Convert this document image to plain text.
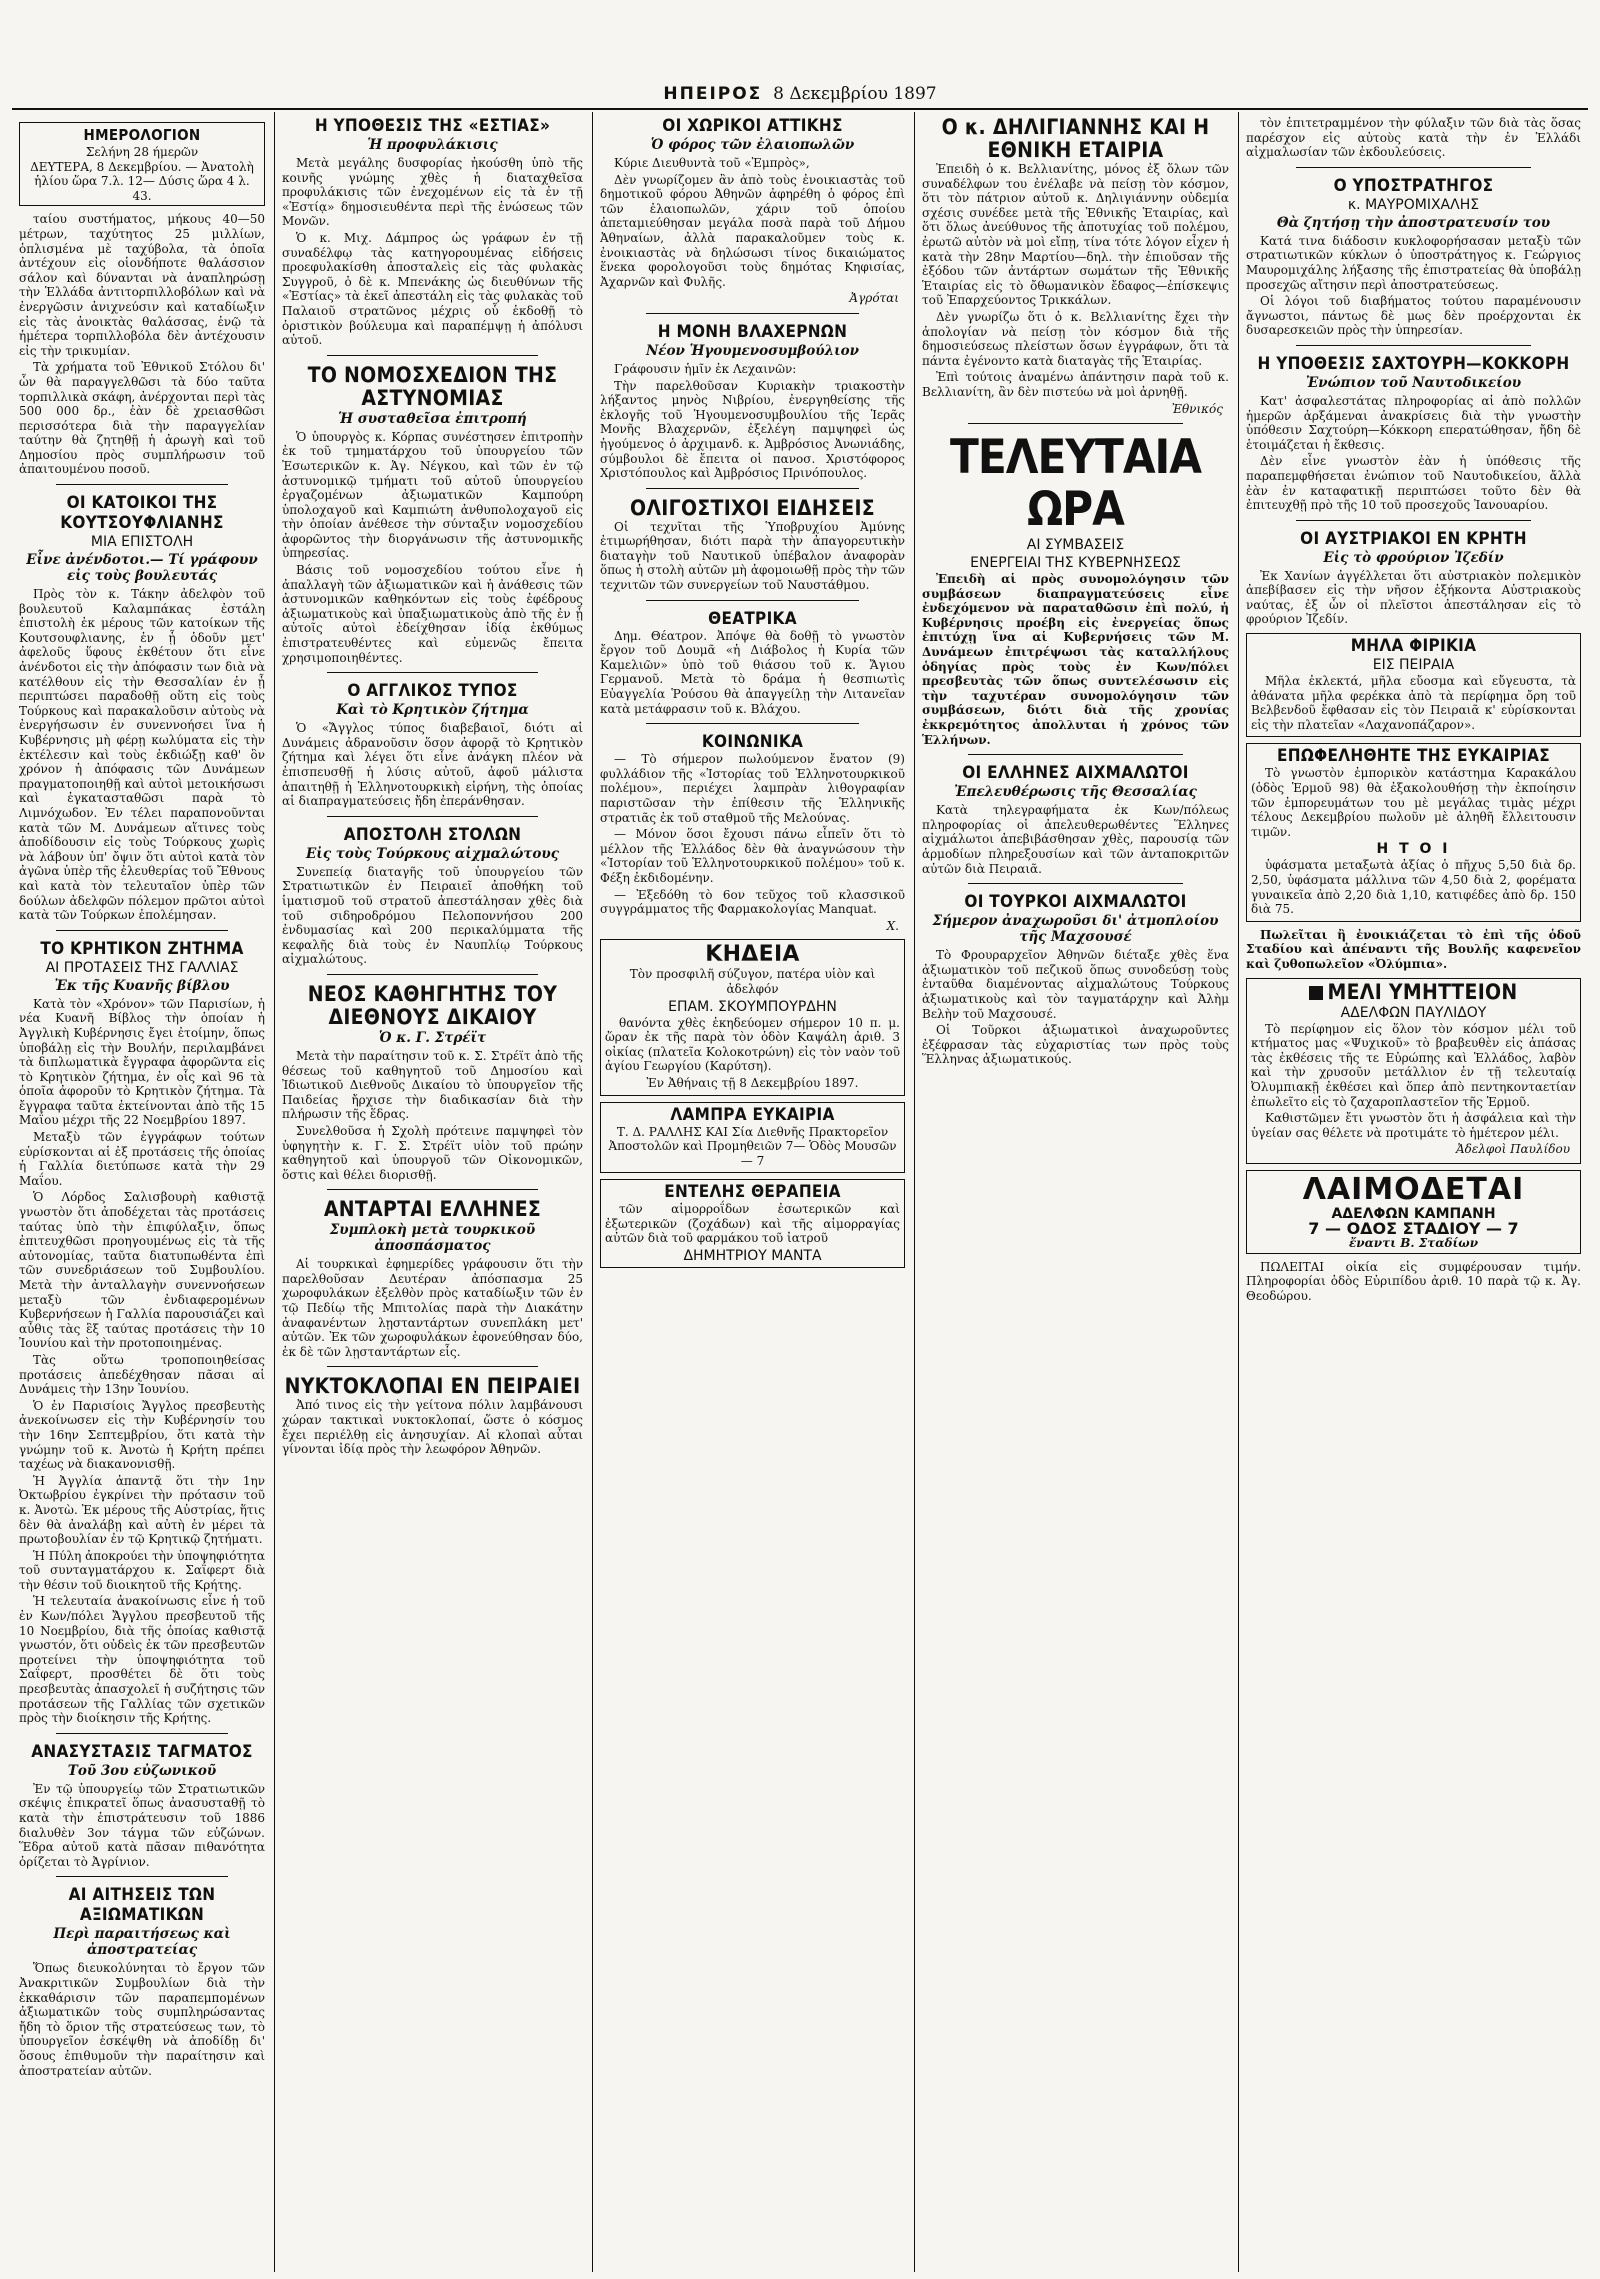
ΗΠΕΙΡΟΣ 8 Δεκεμβρίου 1897
ΗΜΕΡΟΛΟΓΙΟΝ
Σελήνη 28 ήμερῶν
ΔΕΥΤΕΡΑ, 8 Δεκεμβρίου. — Ἀνατολὴ ἡλίου ὥρα 7.λ. 12— Δύσις ὥρα 4 λ. 43.

ταίου συστήματος, μήκους 40—50 μέτρων, ταχύτητος 25 μιλλίων, ὁπλισμένα μὲ ταχύβολα, τὰ ὁποῖα ἀντέχουν εἰς οἱονδήποτε θαλάσσιον σάλον καὶ δύνανται νὰ ἀναπληρώσῃ τὴν Ἑλλάδα ἀντιτορπιλλοβόλων καὶ νὰ ἐνεργῶσιν ἀνιχνεύσιν καὶ καταδίωξιν εἰς τὰς ἀνοικτὰς θαλάσσας, ἐνῷ τὰ ἡμέτερα τορπιλλοβόλα δὲν ἀντέχουσιν εἰς τὴν τρικυμίαν.

Τὰ χρήματα τοῦ Ἐθνικοῦ Στόλου δι' ὧν θὰ παραγγελθῶσι τὰ δύο ταῦτα τορπιλλικὰ σκάφη, ἀνέρχονται περὶ τὰς 500 000 δρ., ἐὰν δὲ χρειασθῶσι περισσότερα διὰ τὴν παραγγελίαν ταύτην θὰ ζητηθῇ ἡ ἀρωγὴ καὶ τοῦ Δημοσίου πρὸς συμπλήρωσιν τοῦ ἀπαιτουμένου ποσοῦ.

ΟΙ ΚΑΤΟΙΚΟΙ ΤΗΣ ΚΟΥΤΣΟΥΦΛΙΑΝΗΣ
ΜΙΑ ΕΠΙΣΤΟΛΗ
Εἶνε ἀνένδοτοι.— Τί γράφουν εἰς τοὺς βουλευτάς

Πρὸς τὸν κ. Τάκην ἀδελφὸν τοῦ βουλευτοῦ Καλαμπάκας ἐστάλη ἐπιστολὴ ἐκ μέρους τῶν κατοίκων τῆς Κουτσουφλιανης, ἐν ᾗ ὁδοῦν μετ' ἀφελοῦς ὕφους ἐκθέτουν ὅτι εἶνε ἀνένδοτοι εἰς τὴν ἀπόφασιν των διὰ νὰ κατέλθουν εἰς τὴν Θεσσαλίαν ἐν ᾗ περιπτώσει παραδοθῇ οὕτη εἰς τοὺς Τούρκους καὶ παρακαλοῦσιν αὐτοὺς νὰ ἐνεργήσωσιν ἐν συνεννοήσει ἵνα ἡ Κυβέρνησις μὴ φέρῃ κωλύματα εἰς τὴν ἐκτέλεσιν καὶ τοὺς ἐκδιώξῃ καθ' ὃν χρόνον ἡ ἀπόφασις τῶν Δυνάμεων πραγματοποιηθῇ καὶ αὐτοὶ μετοικήσωσι καὶ ἐγκατασταθῶσι παρὰ τὸ Λιμνόχωδον. Ἐν τέλει παραπονοῦνται κατὰ τῶν Μ. Δυνάμεων αἵτινες τοὺς ἀποδίδουσιν εἰς τοὺς Τούρκους χωρὶς νὰ λάβουν ὑπ' ὄψιν ὅτι αὐτοὶ κατὰ τὸν ἀγῶνα ὑπὲρ τῆς ἐλευθερίας τοῦ Ἔθνους καὶ κατὰ τὸν τελευταῖον ὑπὲρ τῶν δούλων ἀδελφῶν πόλεμον πρῶτοι αὐτοὶ κατὰ τῶν Τούρκων ἐπολέμησαν.

ΤΟ ΚΡΗΤΙΚΟΝ ΖΗΤΗΜΑ
ΑΙ ΠΡΟΤΑΣΕΙΣ ΤΗΣ ΓΑΛΛΙΑΣ
Ἐκ τῆς Κυανῆς βίβλου

Κατὰ τὸν «Χρόνον» τῶν Παρισίων, ἡ νέα Κυανῆ Βίβλος τὴν ὁποίαν ἡ Ἀγγλικὴ Κυβέρνησις ἔγει ἐτοίμην, ὅπως ὑποβάλῃ εἰς τὴν Βουλήν, περιλαμβάνει τὰ διπλωματικὰ ἔγγραφα ἀφορῶντα εἰς τὸ Κρητικὸν ζήτημα, ἐν οἷς καὶ 96 τὰ ὁποῖα ἀφοροῦν τὸ Κρητικὸν ζήτημα. Τὰ ἔγγραφα ταῦτα ἐκτείνονται ἀπὸ τῆς 15 Μαΐου μέχρι τῆς 22 Νοεμβρίου 1897.

Μεταξὺ τῶν ἐγγράφων τούτων εὑρίσκονται αἱ ἐξ προτάσεις τῆς ὁποίας ἡ Γαλλία διετύπωσε κατὰ τὴν 29 Μαΐου.

Ὁ Λόρδος Σαλισβουρὴ καθιστᾷ γνωστὸν ὅτι ἀποδέχεται τὰς προτάσεις ταύτας ὑπὸ τὴν ἐπιφύλαξιν, ὅπως ἐπιτευχθῶσι προηγουμένως εἰς τὰ τῆς αὐτονομίας, ταῦτα διατυπωθέντα ἐπὶ τῶν συνεδριάσεων τοῦ Συμβουλίου. Μετὰ τὴν ἀνταλλαγὴν συνεννοήσεων μεταξὺ τῶν ἐνδιαφερομένων Κυβερνήσεων ἡ Γαλλία παρουσιάζει καὶ αὖθις τὰς ἓξ ταύτας προτάσεις τὴν 10 Ἰουνίου καὶ τὴν προτοποιημένας.

Τὰς οὕτω τροποποιηθείσας προτάσεις ἀπεδέχθησαν πᾶσαι αἱ Δυνάμεις τὴν 13ην Ἰουνίου.

Ὁ ἐν Παρισίοις Ἄγγλος πρεσβευτὴς ἀνεκοίνωσεν εἰς τὴν Κυβέρνησίν του τὴν 16ην Σεπτεμβρίου, ὅτι κατὰ τὴν γνώμην τοῦ κ. Ἀνοτὼ ἡ Κρήτη πρέπει ταχέως νὰ διακανονισθῇ.

Ἡ Ἀγγλία ἀπαντᾷ ὅτι τὴν 1ην Ὀκτωβρίου ἐγκρίνει τὴν πρότασιν τοῦ κ. Ἀνοτὼ. Ἐκ μέρους τῆς Αὐστρίας, ἥτις δὲν θὰ ἀναλάβῃ καὶ αὐτὴ ἐν μέρει τὰ πρωτοβουλίαν ἐν τῷ Κρητικῷ ζητήματι.

Ἡ Πύλη ἀποκρούει τὴν ὑποψηφιότητα τοῦ συνταγματάρχου κ. Σαΐφερτ διὰ τὴν θέσιν τοῦ διοικητοῦ τῆς Κρήτης.

Ἡ τελευταία ἀνακοίνωσις εἶνε ἡ τοῦ ἐν Κων/πόλει Ἄγγλου πρεσβευτοῦ τῆς 10 Νοεμβρίου, διὰ τῆς ὁποίας καθιστᾷ γνωστόν, ὅτι οὐδεὶς ἐκ τῶν πρεσβευτῶν προτείνει τὴν ὑποψηφιότητα τοῦ Σαΐφερτ, προσθέτει δὲ ὅτι τοὺς πρεσβευτὰς ἀπασχολεῖ ἡ συζήτησις τῶν προτάσεων τῆς Γαλλίας τῶν σχετικῶν πρὸς τὴν διοίκησιν τῆς Κρήτης.

ΑΝΑΣΥΣΤΑΣΙΣ ΤΑΓΜΑΤΟΣ
Τοῦ 3ου εὐζωνικοῦ

Ἐν τῷ ὑπουργείῳ τῶν Στρατιωτικῶν σκέψις ἐπικρατεῖ ὅπως ἀνασυσταθῇ τὸ κατὰ τὴν ἐπιστράτευσιν τοῦ 1886 διαλυθὲν 3ον τάγμα τῶν εὐζώνων. Ἕδρα αὐτοῦ κατὰ πᾶσαν πιθανότητα ὁρίζεται τὸ Ἀγρίνιον.

ΑΙ ΑΙΤΗΣΕΙΣ ΤΩΝ ΑΞΙΩΜΑΤΙΚΩΝ
Περὶ παραιτήσεως καὶ ἀποστρατείας

Ὅπως διευκολύνηται τὸ ἔργον τῶν Ἀνακριτικῶν Συμβουλίων διὰ τὴν ἐκκαθάρισιν τῶν παραπεμπομένων ἀξιωματικῶν τοὺς συμπληρώσαντας ἤδη τὸ ὅριον τῆς στρατεύσεως των, τὸ ὑπουργεῖον ἐσκέψθη νὰ ἀποδίδῃ δι' ὅσους ἐπιθυμοῦν τὴν παραίτησιν καὶ ἀποστρατείαν αὐτῶν.

Η ΥΠΟΘΕΣΙΣ ΤΗΣ «ΕΣΤΙΑΣ»
Ἡ προφυλάκισις

Μετὰ μεγάλης δυσφορίας ἠκούσθη ὑπὸ τῆς κοινῆς γνώμης χθὲς ἡ διαταχθεῖσα προφυλάκισις τῶν ἐνεχομένων εἰς τὰ ἐν τῇ «Ἑστίᾳ» δημοσιευθέντα περὶ τῆς ἑνώσεως τῶν Μονῶν.

Ὁ κ. Μιχ. Δάμπρος ὡς γράφων ἐν τῇ συναδέλφῳ τὰς κατηγορουμένας εἰδήσεις προεφυλακίσθη ἀποσταλεὶς εἰς τὰς φυλακὰς Συγγροῦ, ὁ δὲ κ. Μπενάκης ὡς διευθύνων τῆς «Ἑστίας» τὰ ἐκεῖ ἀπεστάλη εἰς τὰς φυλακὰς τοῦ Παλαιοῦ στρατῶνος μέχρις οὗ ἐκδοθῇ τὸ ὁριστικὸν βούλευμα καὶ παραπέμψῃ ἡ ἀπόλυσι αὐτοῦ.

ΤΟ ΝΟΜΟΣΧΕΔΙΟΝ ΤΗΣ ΑΣΤΥΝΟΜΙΑΣ
Ἡ συσταθεῖσα ἐπιτροπή

Ὁ ὑπουργὸς κ. Κόρπας συνέστησεν ἐπιτροπὴν ἐκ τοῦ τμηματάρχου τοῦ ὑπουργείου τῶν Ἐσωτερικῶν κ. Ἀγ. Νέγκου, καὶ τῶν ἐν τῷ ἀστυνομικῷ τμήματι τοῦ αὐτοῦ ὑπουργείου ἐργαζομένων ἀξιωματικῶν Καμπούρη ὑπολοχαγοῦ καὶ Καμπιώτη ἀνθυπολοχαγοῦ εἰς τὴν ὁποίαν ἀνέθεσε τὴν σύνταξιν νομοσχεδίου ἀφορῶντος τὴν διοργάνωσιν τῆς ἀστυνομικῆς ὑπηρεσίας.

Βάσις τοῦ νομοσχεδίου τούτου εἶνε ἡ ἀπαλλαγὴ τῶν ἀξιωματικῶν καὶ ἡ ἀνάθεσις τῶν ἀστυνομικῶν καθηκόντων εἰς τοὺς ἐφέδρους ἀξιωματικοὺς καὶ ὑπαξιωματικοὺς ἀπὸ τῆς ἐν ᾗ αὐτοῖς αὐτοὶ ἐδείχθησαν ἰδίᾳ ἐκθύμως ἐπιστρατευθέντες καὶ εὐμενῶς ἔπειτα χρησιμοποιηθέντες.

Ο ΑΓΓΛΙΚΟΣ ΤΥΠΟΣ
Καὶ τὸ Κρητικὸν ζήτημα

Ὁ «Ἄγγλος τύπος διαβεβαιοῖ, διότι αἱ Δυνάμεις ἀδρανοῦσιν ὅσον ἀφορᾷ τὸ Κρητικὸν ζήτημα καὶ λέγει ὅτι εἶνε ἀνάγκη πλέον νὰ ἐπισπευσθῇ ἡ λύσις αὐτοῦ, ἀφοῦ μάλιστα ἀπαιτηθῇ ἡ Ἑλληνοτουρκικὴ εἰρήνη, τὴς ὁποίας αἱ διαπραγματεύσεις ἤδη ἐπεράνθησαν.

ΑΠΟΣΤΟΛΗ ΣΤΟΛΩΝ
Εἰς τοὺς Τούρκους αἰχμαλώτους

Συνεπείᾳ διαταγῆς τοῦ ὑπουργείου τῶν Στρατιωτικῶν ἐν Πειραιεῖ ἀποθήκη τοῦ ἱματισμοῦ τοῦ στρατοῦ ἀπεστάλησαν χθὲς διὰ τοῦ σιδηροδρόμου Πελοποννήσου 200 ἐνδυμασίας καὶ 200 περικαλύμματα τῆς κεφαλῆς διὰ τοὺς ἐν Ναυπλίῳ Τούρκους αἰχμαλώτους.

ΝΕΟΣ ΚΑΘΗΓΗΤΗΣ ΤΟΥ ΔΙΕΘΝΟΥΣ ΔΙΚΑΙΟΥ
Ὁ κ. Γ. Στρέϊτ

Μετὰ τὴν παραίτησιν τοῦ κ. Σ. Στρέϊτ ἀπὸ τῆς θέσεως τοῦ καθηγητοῦ τοῦ Δημοσίου καὶ Ἰδιωτικοῦ Διεθνοῦς Δικαίου τὸ ὑπουργεῖον τῆς Παιδείας ἤρχισε τὴν διαδικασίαν διὰ τὴν πλήρωσιν τῆς ἕδρας.

Συνελθοῦσα ἡ Σχολὴ πρότεινε παμψηφεὶ τὸν ὑφηγητὴν κ. Γ. Σ. Στρέϊτ υἱὸν τοῦ πρώην καθηγητοῦ καὶ ὑπουργοῦ τῶν Οἰκονομικῶν, ὅστις καὶ θέλει διορισθῇ.

ΑΝΤΑΡΤΑΙ ΕΛΛΗΝΕΣ
Συμπλοκὴ μετὰ τουρκικοῦ ἀποσπάσματος

Αἱ τουρκικαὶ ἐφημερίδες γράφουσιν ὅτι τὴν παρελθοῦσαν Δευτέραν ἀπόσπασμα 25 χωροφυλάκων ἐξελθὸν πρὸς καταδίωξιν τῶν ἐν τῷ Πεδίῳ τῆς Μπιτολίας παρὰ τὴν Διακάτην ἀναφανέντων λῃσταντάρτων συνεπλάκη μετ' αὐτῶν. Ἐκ τῶν χωροφυλάκων ἐφονεύθησαν δύο, ἐκ δὲ τῶν λῃσταντάρτων εἷς.

ΝΥΚΤΟΚΛΟΠΑΙ ΕΝ ΠΕΙΡΑΙΕΙ

Ἀπό τινος εἰς τὴν γείτονα πόλιν λαμβάνουσι χώραν τακτικαὶ νυκτοκλοπαί, ὥστε ὁ κόσμος ἔχει περιέλθῃ εἰς ἀνησυχίαν. Αἱ κλοπαὶ αὗται γίνονται ἰδίᾳ πρὸς τὴν λεωφόρον Ἀθηνῶν.

ΟΙ ΧΩΡΙΚΟΙ ΑΤΤΙΚΗΣ
Ὁ φόρος τῶν ἐλαιοπωλῶν

Κύριε Διευθυντὰ τοῦ «Ἐμπρὸς»,

Δὲν γνωρίζομεν ἂν ἀπὸ τοὺς ἐνοικιαστὰς τοῦ δημοτικοῦ φόρου Ἀθηνῶν ἀφηρέθη ὁ φόρος ἐπὶ τῶν ἐλαιοπωλῶν, χάριν τοῦ ὁποίου ἀπεταμιεύθησαν μεγάλα ποσὰ παρὰ τοῦ Δήμου Ἀθηναίων, ἀλλὰ παρακαλοῦμεν τοὺς κ. ἐνοικιαστὰς νὰ δηλώσωσι τίνος δικαιώματος ἕνεκα φορολογοῦσι τοὺς δημότας Κηφισίας, Ἀχαρνῶν καὶ Φυλῆς.

Ἀγρόται
Η ΜΟΝΗ ΒΛΑΧΕΡΝΩΝ
Νέον Ἡγουμενοσυμβούλιον

Γράφουσιν ἡμῖν ἐκ Λεχαινῶν:

Τὴν παρελθοῦσαν Κυριακὴν τριακοστὴν λήξαντος μηνὸς Νιβρίου, ἐνεργηθείσης τῆς ἐκλογῆς τοῦ Ἡγουμενοσυμβουλίου τῆς Ἱερᾶς Μονῆς Βλαχερνῶν, ἐξελέγη παμψηφεὶ ὡς ἡγούμενος ὁ ἀρχιμανδ. κ. Ἀμβρόσιος Ἀνωνιάδης, σύμβουλοι δὲ ἔπειτα οἱ πανοσ. Χριστόφορος Χριστόπουλος καὶ Ἀμβρόσιος Πρινόπουλος.

ΟΛΙΓΟΣΤΙΧΟΙ ΕΙΔΗΣΕΙΣ

Οἱ τεχνῖται τῆς Ὑποβρυχίου Ἀμύνης ἐτιμωρήθησαν, διότι παρὰ τὴν ἀπαγορευτικὴν διαταγὴν τοῦ Ναυτικοῦ ὑπέβαλον ἀναφορὰν ὅπως ἡ στολὴ αὐτῶν μὴ ἀφομοιωθῇ πρὸς τὴν τῶν τεχνιτῶν τῶν συνεργείων τοῦ Ναυστάθμου.

ΘΕΑΤΡΙΚΑ

Δημ. Θέατρον. Ἀπόψε θὰ δοθῇ τὸ γνωστὸν ἔργον τοῦ Δουμᾶ «ἡ Διάβολος ἡ Κυρία τῶν Καμελιῶν» ὑπὸ τοῦ θιάσου τοῦ κ. Ἄγιου Γερμανοῦ. Μετὰ τὸ δράμα ἡ θεσπιωτὶς Εὐαγγελία Ῥούσου θὰ ἀπαγγείλῃ τὴν Λιτανεῖαν κατὰ μετάφρασιν τοῦ κ. Βλάχου.

ΚΟΙΝΩΝΙΚΑ

— Τὸ σήμερον πωλούμενον ἔνατον (9) φυλλάδιον τῆς «Ἱστορίας τοῦ Ἑλληνοτουρκικοῦ πολέμου», περιέχει λαμπρὰν λιθογραφίαν παριστῶσαν τὴν ἐπίθεσιν τῆς Ἑλληνικῆς στρατιᾶς ἐκ τοῦ σταθμοῦ τῆς Μελούνας.

— Μόνον ὅσοι ἔχουσι πάνω εἶπεῖν ὅτι τὸ μέλλον τῆς Ἑλλάδος δὲν θὰ ἀναγνώσουν τὴν «Ἱστορίαν τοῦ Ἑλληνοτουρκικοῦ πολέμου» τοῦ κ. Φέξη ἐκδιδομένην.

— Ἐξεδόθη τὸ 6ον τεῦχος τοῦ κλασσικοῦ συγγράμματος τῆς Φαρμακολογίας Manquat.

Χ.
ΚΗΔΕΙΑ

Τὸν προσφιλῆ σύζυγον, πατέρα υἱὸν καὶ ἀδελφόν

ΕΠΑΜ. ΣΚΟΥΜΠΟΥΡΔΗΝ

θανόντα χθὲς ἐκηδεύομεν σήμερον 10 π. μ. ὥραν ἐκ τῆς παρὰ τὸν ὁδὸν Καψάλη ἀριθ. 3 οἰκίας (πλατεῖα Κολοκοτρώνη) εἰς τὸν ναὸν τοῦ ἁγίου Γεωργίου (Καρύτση).

Ἐν Ἀθήναις τῇ 8 Δεκεμβρίου 1897.

ΛΑΜΠΡΑ ΕΥΚΑΙΡΙΑ

Τ. Δ. ΡΑΛΛΗΣ ΚΑΙ Σία Διεθνῆς Πρακτορεῖον Ἀποστολῶν καὶ Προμηθειῶν 7— Ὁδὸς Μουσῶν— 7

ΕΝΤΕΛΗΣ ΘΕΡΑΠΕΙΑ

τῶν αἱμορροΐδων ἐσωτερικῶν καὶ ἐξωτερικῶν (ζοχάδων) καὶ τῆς αἱμορραγίας αὐτῶν διὰ τοῦ φαρμάκου τοῦ ἰατροῦ

ΔΗΜΗΤΡΙΟΥ ΜΑΝΤΑ
Ο κ. ΔΗΛΙΓΙΑΝΝΗΣ ΚΑΙ Η ΕΘΝΙΚΗ ΕΤΑΙΡΙΑ

Ἐπειδὴ ὁ κ. Βελλιανίτης, μόνος ἐξ ὅλων τῶν συναδέλφων του ἐνέλαβε νὰ πείσῃ τὸν κόσμον, ὅτι τὸν πάτριον αὐτοῦ κ. Δηλιγιάννην οὐδεμία σχέσις συνέδεε μετὰ τῆς Ἐθνικῆς Ἑταιρίας, καὶ ὅτι ὅλως ἀνεύθυνος τῆς ἀποτυχίας τοῦ πολέμου, ἐρωτῶ αὐτὸν νὰ μοὶ εἴπῃ, τίνα τότε λόγον εἶχεν ἡ κατὰ τὴν 28ην Μαρτίου—δηλ. τὴν ἐπιοῦσαν τῆς ἐξόδου τῶν ἀντάρτων σωμάτων τῆς Ἐθνικῆς Ἑταιρίας εἰς τὸ ὄθωμανικὸν ἔδαφος—ἐπίσκεψις τοῦ Ἐπαρχεύοντος Τρικκάλων.

Δὲν γνωρίζω ὅτι ὁ κ. Βελλιανίτης ἔχει τὴν ἀπολογίαν νὰ πείσῃ τὸν κόσμον διὰ τῆς δημοσιεύσεως πλείστων ὅσων ἐγγράφων, ὅτι τὰ πάντα ἐγένοντο κατὰ διαταγὰς τῆς Ἑταιρίας.

Ἐπὶ τούτοις ἀναμένω ἀπάντησιν παρὰ τοῦ κ. Βελλιανίτη, ἂν δὲν πιστεύω νὰ μοὶ ἀρνηθῇ.

Ἐθνικός
ΤΕΛΕΥΤΑΙΑ ΩΡΑ
ΑΙ ΣΥΜΒΑΣΕΙΣ
ΕΝΕΡΓΕΙΑΙ ΤΗΣ ΚΥΒΕΡΝΗΣΕΩΣ

Ἐπειδὴ αἱ πρὸς συνομολόγησιν τῶν συμβάσεων διαπραγματεύσεις εἶνε ἐνδεχόμενον νὰ παραταθῶσιν ἐπὶ πολύ, ἡ Κυβέρνησις προέβη εἰς ἐνεργείας ὅπως ἐπιτύχῃ ἵνα αἱ Κυβερνήσεις τῶν Μ. Δυνάμεων ἐπιτρέψωσι τὰς καταλλήλους ὁδηγίας πρὸς τοὺς ἐν Κων/πόλει πρεσβευτὰς τῶν ὅπως συντελέσωσιν εἰς τὴν ταχυτέραν συνομολόγησιν τῶν συμβάσεων, διότι διὰ τῆς χρονίας ἐκκρεμότητος ἀπολλυται ἡ χρόνος τῶν Ἑλλήνων.

ΟΙ ΕΛΛΗΝΕΣ ΑΙΧΜΑΛΩΤΟΙ
Ἐπελευθέρωσις τῆς Θεσσαλίας

Κατὰ τηλεγραφήματα ἐκ Κων/πόλεως πληροφορίας οἱ ἀπελευθερωθέντες Ἕλληνες αἰχμάλωτοι ἀπεβιβάσθησαν χθὲς, παρουσίᾳ τῶν ἁρμοδίων πληρεξουσίων καὶ τῶν ἀνταποκριτῶν αὐτῶν διὰ Πειραιᾶ.

ΟΙ ΤΟΥΡΚΟΙ ΑΙΧΜΑΛΩΤΟΙ
Σήμερον ἀναχωροῦσι δι' ἀτμοπλοίου τῆς Μαχσουσέ

Τὸ Φρουραρχεῖον Ἀθηνῶν διέταξε χθὲς ἕνα ἀξιωματικὸν τοῦ πεζικοῦ ὅπως συνοδεύσῃ τοὺς ἐνταῦθα διαμένοντας αἰχμαλώτους Τούρκους ἀξιωματικοὺς καὶ τὸν ταγματάρχην καὶ Ἀλὴμ Βελὴν τοῦ Μαχσουσέ.

Οἱ Τοῦρκοι ἀξιωματικοὶ ἀναχωροῦντες ἐξέφρασαν τὰς εὐχαριστίας των πρὸς τοὺς Ἕλληνας ἀξιωματικούς.

τὸν ἐπιτετραμμένον τὴν φύλαξιν τῶν διὰ τὰς ὅσας παρέσχον εἰς αὐτοὺς κατὰ τὴν ἐν Ἑλλάδι αἰχμαλωσίαν τῶν ἐκδουλεύσεις.

Ο ΥΠΟΣΤΡΑΤΗΓΟΣ
κ. ΜΑΥΡΟΜΙΧΑΛΗΣ
Θὰ ζητήσῃ τὴν ἀποστρατευσίν του

Κατά τινα διάδοσιν κυκλοφορήσασαν μεταξὺ τῶν στρατιωτικῶν κύκλων ὁ ὑποστράτηγος κ. Γεώργιος Μαυρομιχάλης λήξασης τῆς ἐπιστρατείας θὰ ὑποβάλῃ προσεχῶς αἴτησιν περὶ ἀποστρατεύσεως.

Οἱ λόγοι τοῦ διαβήματος τούτου παραμένουσιν ἄγνωστοι, πάντως δὲ μως δὲν προέρχονται ἐκ δυσαρεσκειῶν πρὸς τὴν ὑπηρεσίαν.

Η ΥΠΟΘΕΣΙΣ ΣΑΧΤΟΥΡΗ—ΚΟΚΚΟΡΗ
Ἐνώπιον τοῦ Ναυτοδικείου

Κατ' ἀσφαλεστάτας πληροφορίας αἱ ἀπὸ πολλῶν ἡμερῶν ἀρξάμεναι ἀνακρίσεις διὰ τὴν γνωστὴν ὑπόθεσιν Σαχτούρη—Κόκκορη επερατώθησαν, ἤδη δὲ ἑτοιμάζεται ἡ ἔκθεσις.

Δὲν εἶνε γνωστὸν ἐὰν ἡ ὑπόθεσις τῆς παραπεμφθήσεται ἐνώπιον τοῦ Ναυτοδικείου, ἄλλὰ ἐὰν ἐν καταφατικῇ περιπτώσει τοῦτο δὲν θὰ ἐπιτευχθῇ πρὸ τῆς 10 τοῦ προσεχοῦς Ἰανουαρίου.

ΟΙ ΑΥΣΤΡΙΑΚΟΙ ΕΝ ΚΡΗΤΗ
Εἰς τὸ φρούριον Ἰζεδίν

Ἐκ Χανίων ἀγγέλλεται ὅτι αὐστριακὸν πολεμικὸν ἀπεβίβασεν εἰς τὴν νῆσον ἑξήκοντα Αὐστριακοὺς ναύτας, ἐξ ὧν οἱ πλεῖστοι ἀπεστάλησαν εἰς τὸ φρούριον Ἰζεδίν.

ΜΗΛΑ ΦΙΡΙΚΙΑ
ΕΙΣ ΠΕΙΡΑΙΑ

Μῆλα ἐκλεκτά, μῆλα εὔοσμα καὶ εὔγευστα, τὰ ἀθάνατα μῆλα φερέκκα ἀπὸ τὰ περίφημα ὄρη τοῦ Βελβενδοῦ ἔφθασαν εἰς τὸν Πειραιᾶ κ' εὑρίσκονται εἰς τὴν πλατεῖαν «Λαχανοπάζαρον».

ΕΠΩΦΕΛΗΘΗΤΕ ΤΗΣ ΕΥΚΑΙΡΙΑΣ

Τὸ γνωστὸν ἐμπορικὸν κατάστημα Καρακάλου (ὁδὸς Ἑρμοῦ 98) θὰ ἐξακολουθήσῃ τὴν ἐκποίησιν τῶν ἐμπορευμάτων του μὲ μεγάλας τιμὰς μέχρι τέλους Δεκεμβρίου πωλοῦν μὲ ἀληθῆ ἔλλειτουσιν τιμῶν.

Η Τ Ο Ι

ὑφάσματα μεταξωτὰ ἀξίας ὁ πῆχυς 5,50 διὰ δρ. 2,50, ὑφάσματα μάλλινα τῶν 4,50 διὰ 2, φορέματα γυναικεῖα ἀπὸ 2,20 διὰ 1,10, κατιφέδες ἀπὸ δρ. 150 διὰ 75.

Πωλεῖται ἢ ἐνοικιάζεται τὸ ἐπὶ τῆς ὁδοῦ Σταδίου καὶ ἀπέναντι τῆς Βουλῆς καφενεῖον καὶ ζυθοπωλεῖον «Ὀλύμπια».

ΜΕΛΙ ΥΜΗΤΤΕΙΟΝ
ΑΔΕΛΦΩΝ ΠΑΥΛΙΔΟΥ

Τὸ περίφημον εἰς ὅλον τὸν κόσμον μέλι τοῦ κτήματος μας «Ψυχικοῦ» τὸ βραβευθὲν εἰς ἁπάσας τὰς ἐκθέσεις τῆς τε Εὐρώπης καὶ Ἑλλάδος, λαβὸν καὶ τὴν χρυσοῦν μετάλλιον ἐν τῇ τελευταίᾳ Ὀλυμπιακῇ ἐκθέσει καὶ ὅπερ ἀπὸ πεντηκονταετίαν ἐπωλεῖτο εἰς τὸ ζαχαροπλαστεῖον τῆς Ἑρμοῦ.

Καθιστῶμεν ἔτι γνωστὸν ὅτι ἡ ἀσφάλεια καὶ τὴν ὑγείαν σας θέλετε νὰ προτιμάτε τὸ ἡμέτερον μέλι.

Ἀδελφοὶ Παυλίδου
ΛΑΙΜΟΔΕΤΑΙ
ΑΔΕΛΦΩΝ ΚΑΜΠΑΝΗ
7 — ΟΔΟΣ ΣΤΑΔΙΟΥ — 7
ἔναντι Β. Σταδίων

ΠΩΛΕΙΤΑΙ οἰκία εἰς συμφέρουσαν τιμήν. Πληροφορίαι ὁδὸς Εὐριπίδου ἀριθ. 10 παρὰ τῷ κ. Ἀγ. Θεοδώρου.
